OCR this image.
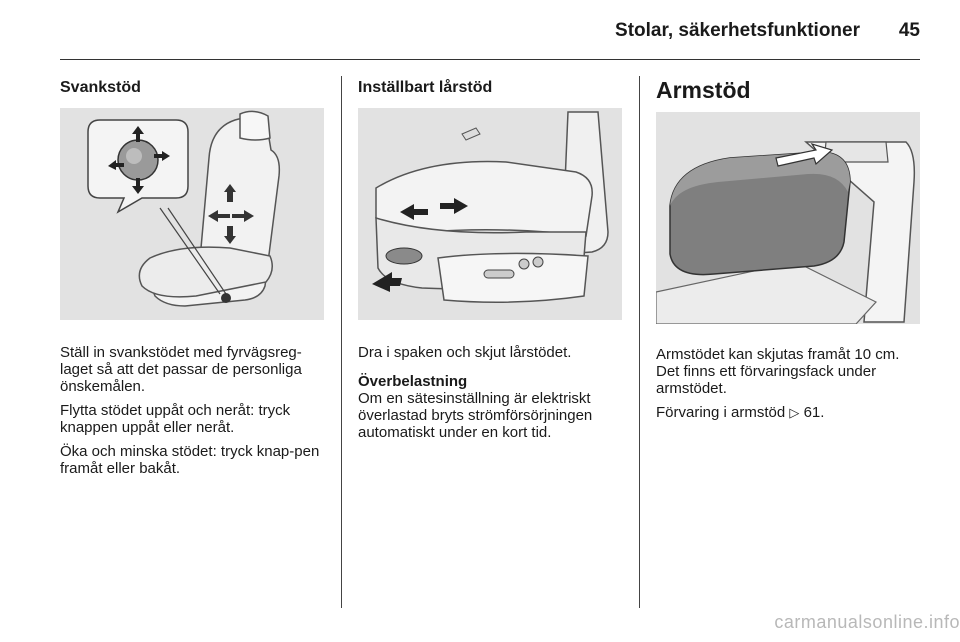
Stolar, säkerhetsfunktioner	45
Svankstöd

Ställ in svankstödet med fyrvägsreg-laget så att det passar de personliga önskemålen.

Flytta stödet uppåt och neråt: tryck knappen uppåt eller neråt.

Öka och minska stödet: tryck knap-pen framåt eller bakåt.

Inställbart lårstöd

Dra i spaken och skjut lårstödet.

Överbelastning

Om en sätesinställning är elektriskt överlastad bryts strömförsörjningen automatiskt under en kort tid.

Armstöd

Armstödet kan skjutas framåt 10 cm. Det finns ett förvaringsfack under armstödet.

Förvaring i armstöd ▷ 61.

carmanualsonline.info
